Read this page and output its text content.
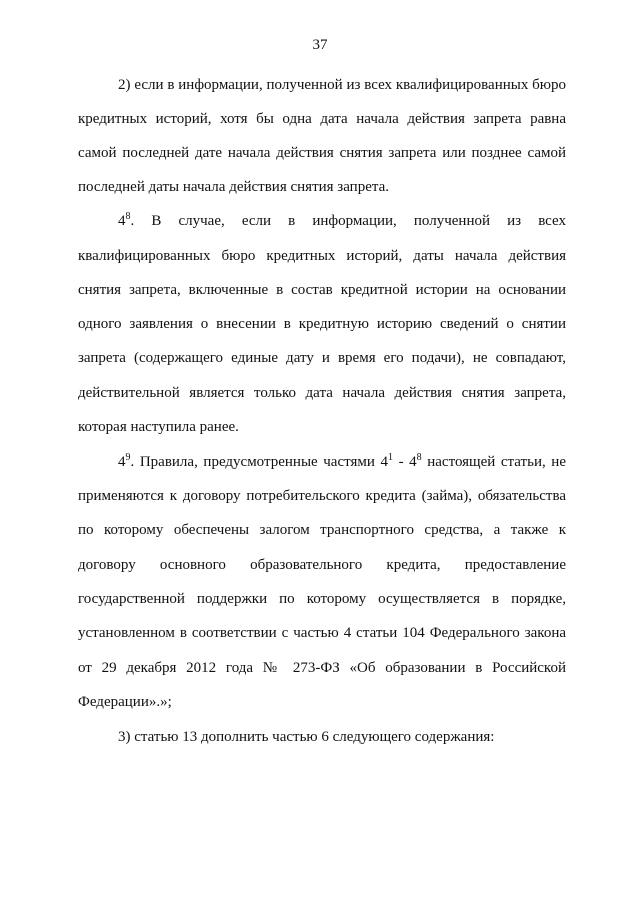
37
2) если в информации, полученной из всех квалифицированных бюро
кредитных историй, хотя бы одна дата начала действия запрета равна
самой последней дате начала действия снятия запрета или позднее самой
последней даты начала действия снятия запрета.
$4^8$. В случае, если в информации, полученной из всех
квалифицированных бюро кредитных историй, даты начала действия
снятия запрета, включенные в состав кредитной истории на основании
одного заявления о внесении в кредитную историю сведений о снятии
запрета (содержащего единые дату и время его подачи), не совпадают,
действительной является только дата начала действия снятия запрета,
которая наступила ранее.
$4^9$. Правила, предусмотренные частями $4^1 - 4^8$ настоящей статьи, не
применяются к договору потребительского кредита (займа), обязательства
по которому обеспечены залогом транспортного средства, а также к
договору основного образовательного кредита, предоставление
государственной поддержки по которому осуществляется в порядке,
установленном в соответствии с частью 4 статьи 104 Федерального закона
от 29 декабря 2012 года № 273-ФЗ «Об образовании в Российской
Федерации».»;
3) статью 13 дополнить частью 6 следующего содержания:
